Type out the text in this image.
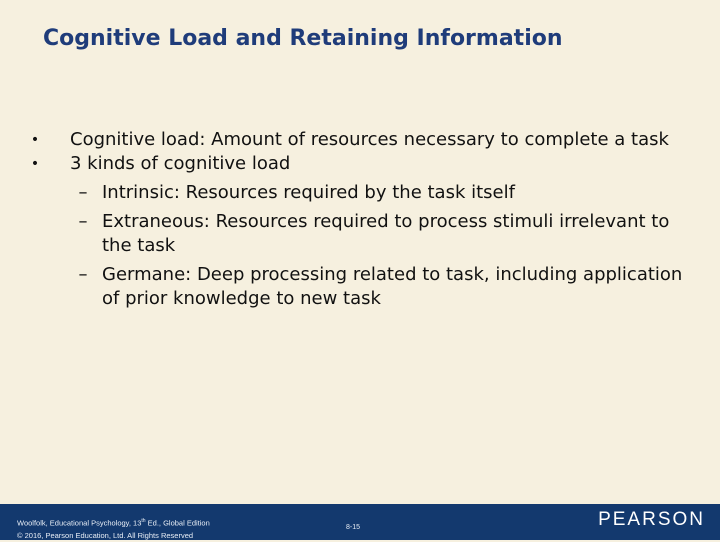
Cognitive Load and Retaining Information
• Cognitive load: Amount of resources necessary to complete a task
• 3 kinds of cognitive load
– Intrinsic: Resources required by the task itself
– Extraneous: Resources required to process stimuli irrelevant to the task
– Germane: Deep processing related to task, including application of prior knowledge to new task
Woolfolk, Educational Psychology, 13th Ed., Global Edition
© 2016, Pearson Education, Ltd. All Rights Reserved
8-15	PEARSON
